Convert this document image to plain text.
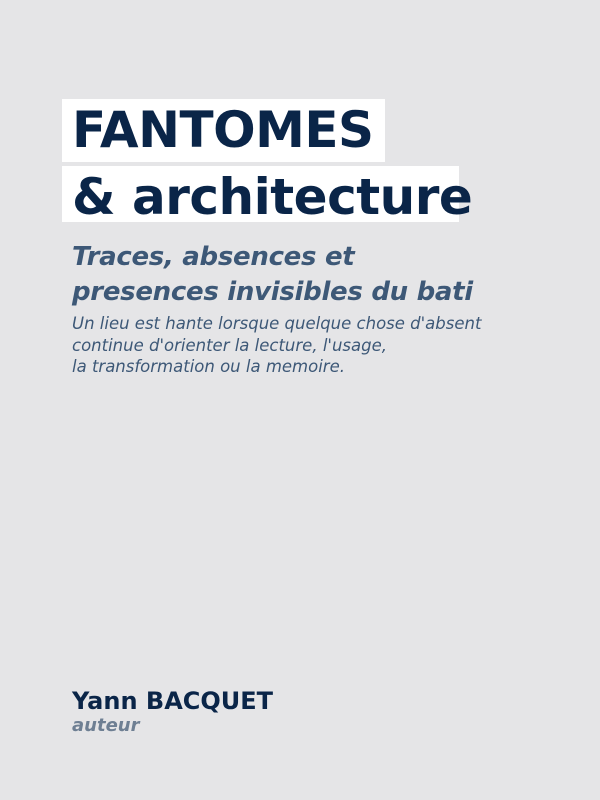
FANTOMES
& architecture
Traces, absences et
presences invisibles du bati
Un lieu est hante lorsque quelque chose d'absent
continue d'orienter la lecture, l'usage,
la transformation ou la memoire.
Yann BACQUET
auteur
